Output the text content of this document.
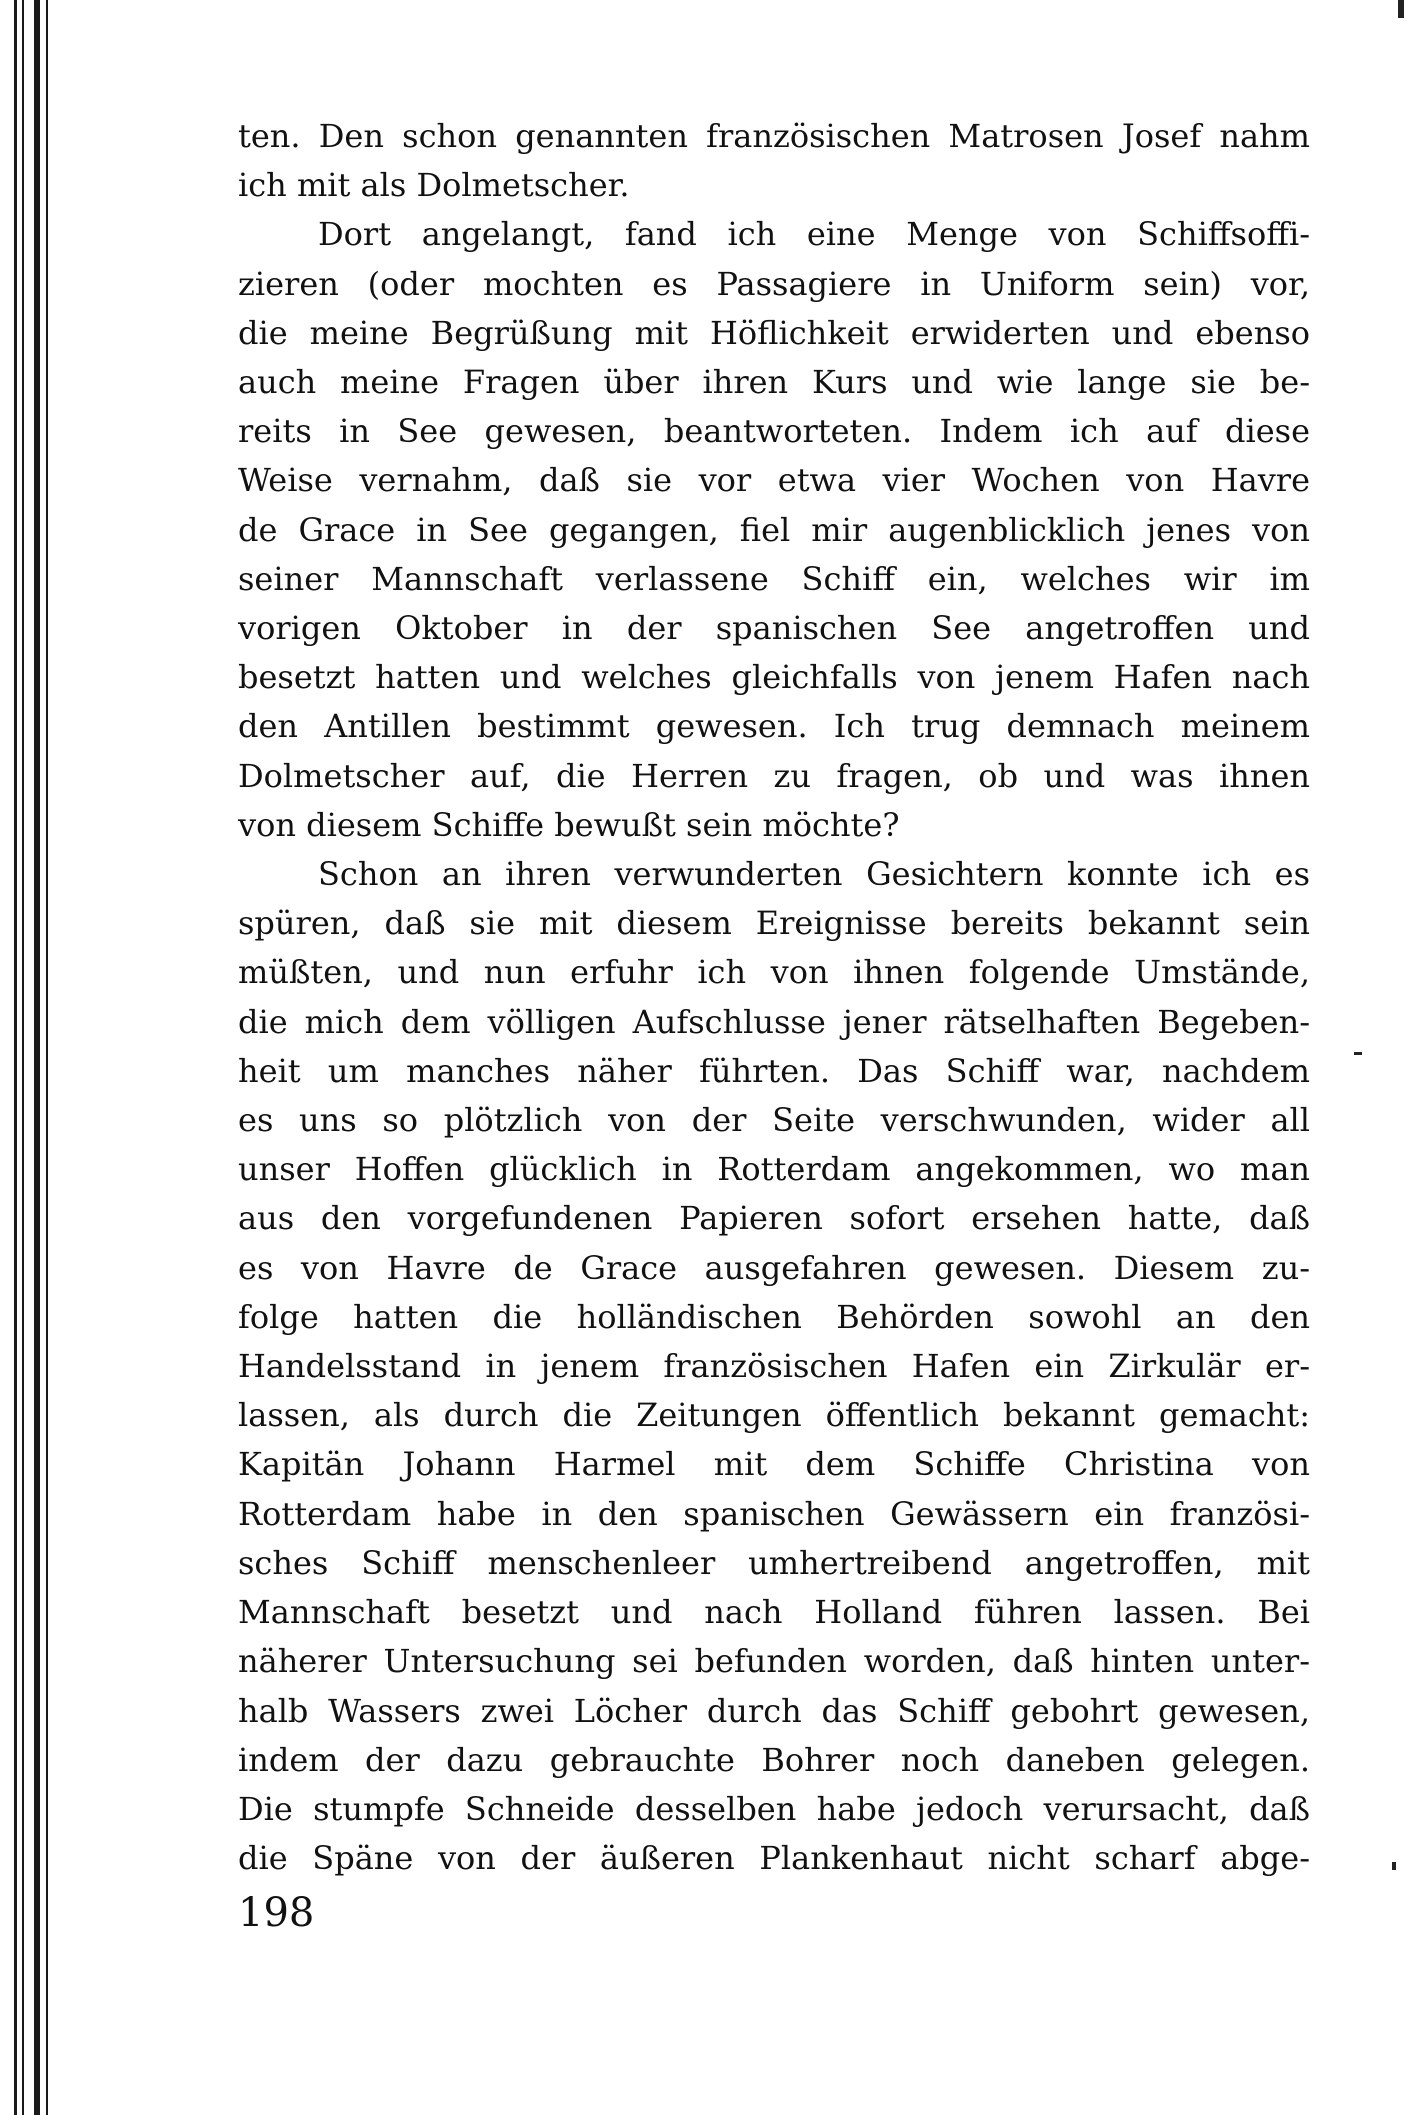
ten. Den schon genannten französischen Matrosen Josef nahm
ich mit als Dolmetscher.

Dort angelangt, fand ich eine Menge von Schiffsoffi-
zieren (oder mochten es Passagiere in Uniform sein) vor,
die meine Begrüßung mit Höflichkeit erwiderten und ebenso
auch meine Fragen über ihren Kurs und wie lange sie be-
reits in See gewesen, beantworteten. Indem ich auf diese
Weise vernahm, daß sie vor etwa vier Wochen von Havre
de Grace in See gegangen, fiel mir augenblicklich jenes von
seiner Mannschaft verlassene Schiff ein, welches wir im
vorigen Oktober in der spanischen See angetroffen und
besetzt hatten und welches gleichfalls von jenem Hafen nach
den Antillen bestimmt gewesen. Ich trug demnach meinem
Dolmetscher auf, die Herren zu fragen, ob und was ihnen
von diesem Schiffe bewußt sein möchte?

Schon an ihren verwunderten Gesichtern konnte ich es
spüren, daß sie mit diesem Ereignisse bereits bekannt sein
müßten, und nun erfuhr ich von ihnen folgende Umstände,
die mich dem völligen Aufschlusse jener rätselhaften Begeben-
heit um manches näher führten. Das Schiff war, nachdem
es uns so plötzlich von der Seite verschwunden, wider all
unser Hoffen glücklich in Rotterdam angekommen, wo man
aus den vorgefundenen Papieren sofort ersehen hatte, daß
es von Havre de Grace ausgefahren gewesen. Diesem zu-
folge hatten die holländischen Behörden sowohl an den
Handelsstand in jenem französischen Hafen ein Zirkulär er-
lassen, als durch die Zeitungen öffentlich bekannt gemacht:
Kapitän Johann Harmel mit dem Schiffe Christina von
Rotterdam habe in den spanischen Gewässern ein französi-
sches Schiff menschenleer umhertreibend angetroffen, mit
Mannschaft besetzt und nach Holland führen lassen. Bei
näherer Untersuchung sei befunden worden, daß hinten unter-
halb Wassers zwei Löcher durch das Schiff gebohrt gewesen,
indem der dazu gebrauchte Bohrer noch daneben gelegen.
Die stumpfe Schneide desselben habe jedoch verursacht, daß
die Späne von der äußeren Plankenhaut nicht scharf abge-

198
